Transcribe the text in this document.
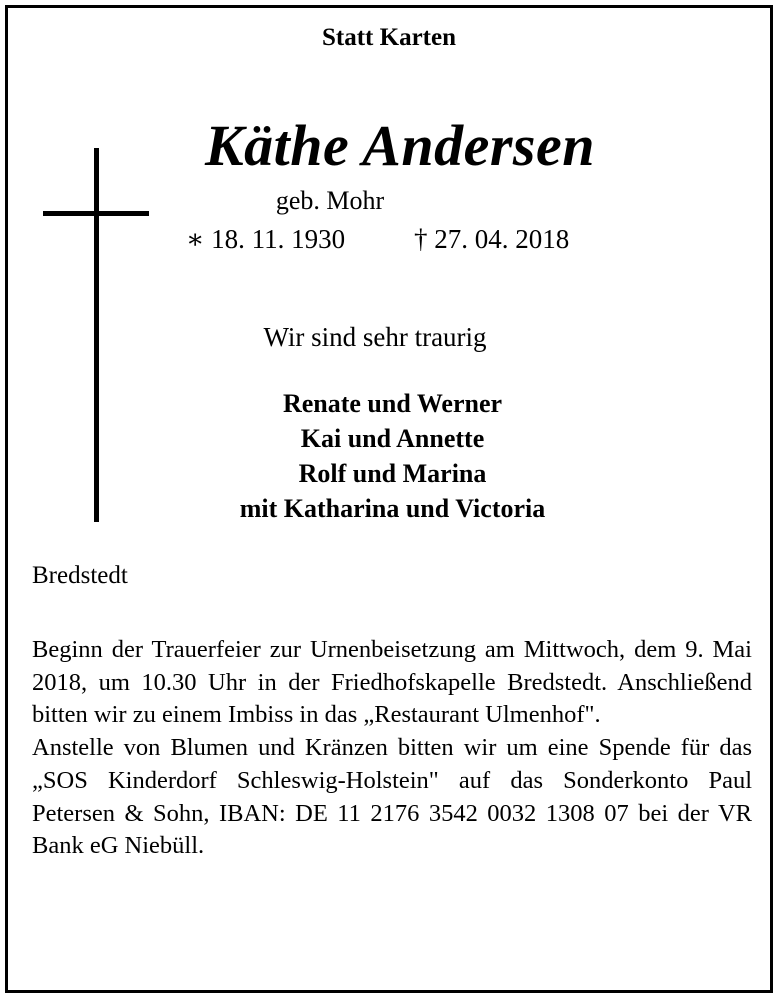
Statt Karten
Käthe Andersen
geb. Mohr
∗ 18. 11. 1930	† 27. 04. 2018
Wir sind sehr traurig
Renate und Werner
Kai und Annette
Rolf und Marina
mit Katharina und Victoria
Bredstedt

Beginn der Trauerfeier zur Urnenbeisetzung am Mittwoch, dem 9. Mai 2018, um 10.30 Uhr in der Friedhofskapelle Bredstedt. Anschließend bitten wir zu einem Imbiss in das „Restaurant Ulmenhof".

Anstelle von Blumen und Kränzen bitten wir um eine Spende für das „SOS Kinderdorf Schleswig-Holstein" auf das Sonderkonto Paul Petersen & Sohn, IBAN: DE 11 2176 3542 0032 1308 07 bei der VR Bank eG Niebüll.
